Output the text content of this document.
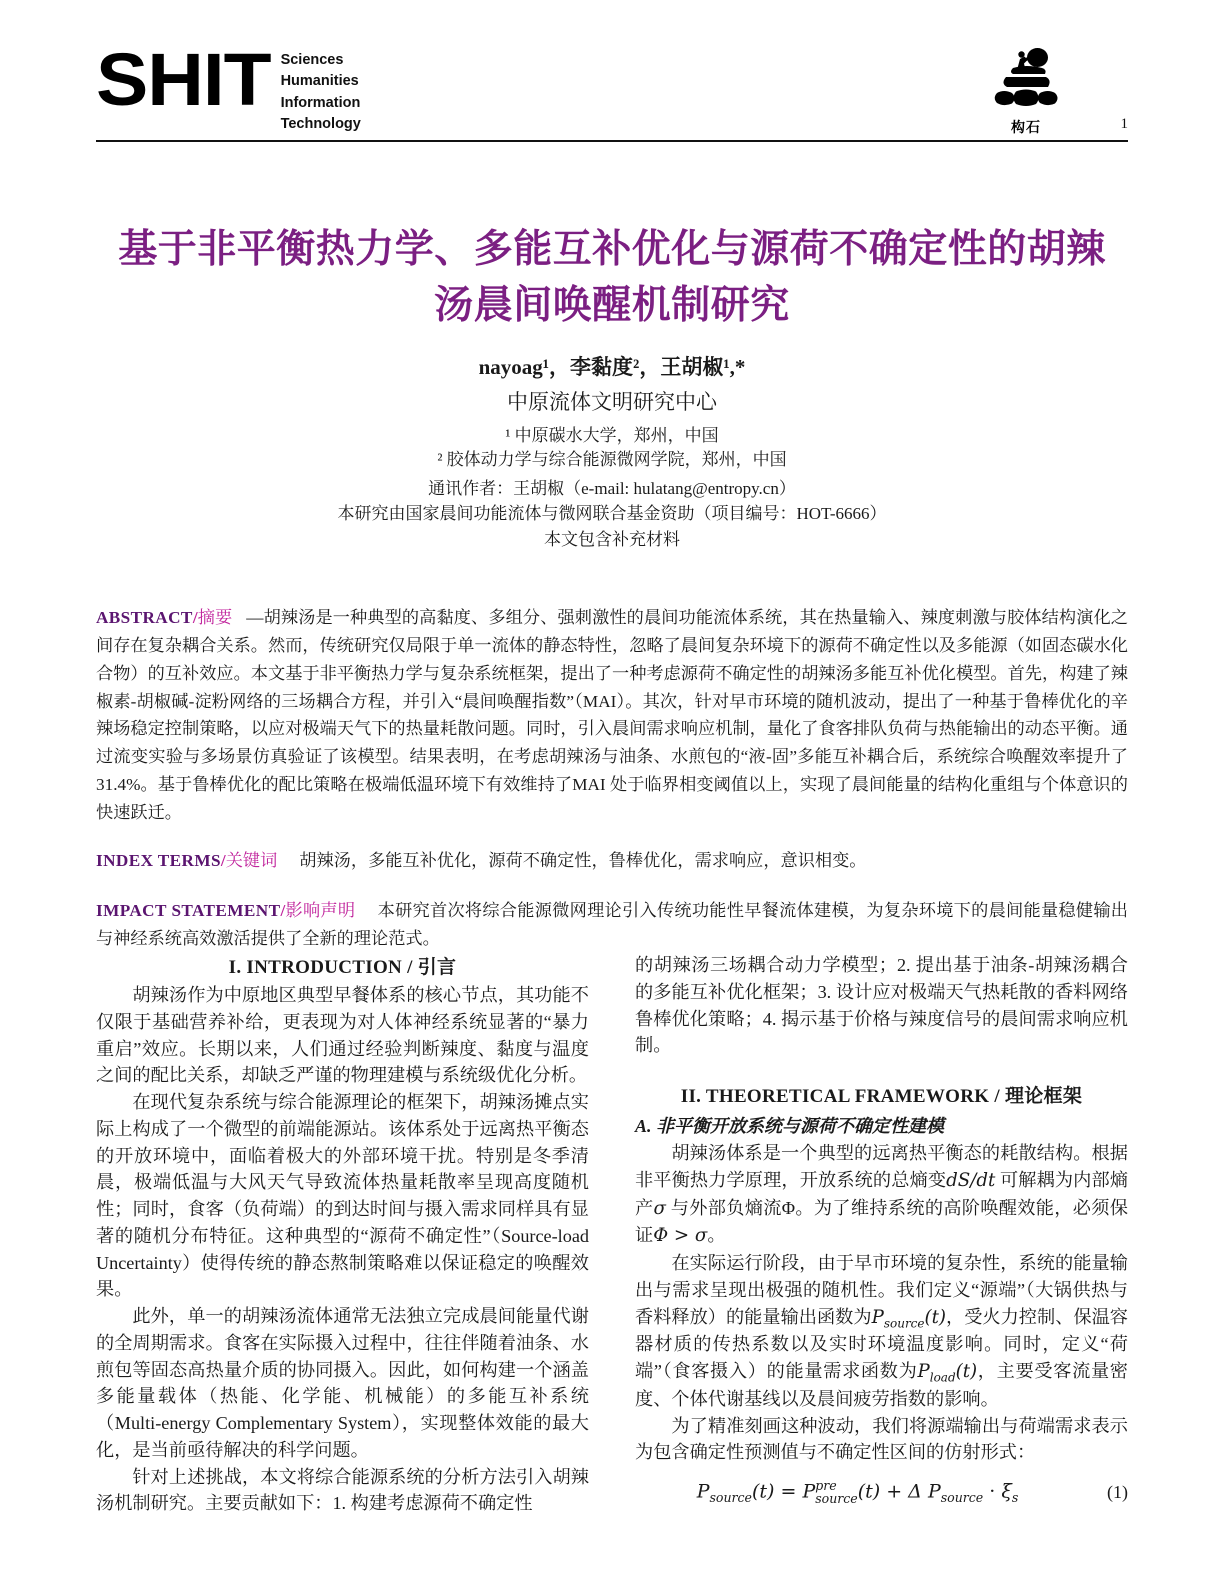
SHIT Sciences
Humanities
Information
Technology	构石	1
基于非平衡热力学、多能互补优化与源荷不确定性的胡辣汤晨间唤醒机制研究
nayoag¹，李黏度²，王胡椒¹,*
中原流体文明研究中心
¹ 中原碳水大学，郑州，中国
² 胶体动力学与综合能源微网学院，郑州，中国
通讯作者：王胡椒（e-mail: hulatang@entropy.cn）
本研究由国家晨间功能流体与微网联合基金资助（项目编号：HOT-6666）
本文包含补充材料

ABSTRACT/摘要 —胡辣汤是一种典型的高黏度、多组分、强刺激性的晨间功能流体系统，其在热量输入、辣度刺激与胶体结构演化之间存在复杂耦合关系。然而，传统研究仅局限于单一流体的静态特性，忽略了晨间复杂环境下的源荷不确定性以及多能源（如固态碳水化合物）的互补效应。本文基于非平衡热力学与复杂系统框架，提出了一种考虑源荷不确定性的胡辣汤多能互补优化模型。首先，构建了辣椒素-胡椒碱-淀粉网络的三场耦合方程，并引入“晨间唤醒指数”（MAI）。其次，针对早市环境的随机波动，提出了一种基于鲁棒优化的辛辣场稳定控制策略，以应对极端天气下的热量耗散问题。同时，引入晨间需求响应机制，量化了食客排队负荷与热能输出的动态平衡。通过流变实验与多场景仿真验证了该模型。结果表明，在考虑胡辣汤与油条、水煎包的“液-固”多能互补耦合后，系统综合唤醒效率提升了31.4%。基于鲁棒优化的配比策略在极端低温环境下有效维持了MAI 处于临界相变阈值以上，实现了晨间能量的结构化重组与个体意识的快速跃迁。

INDEX TERMS/关键词 胡辣汤，多能互补优化，源荷不确定性，鲁棒优化，需求响应，意识相变。

IMPACT STATEMENT/影响声明 本研究首次将综合能源微网理论引入传统功能性早餐流体建模，为复杂环境下的晨间能量稳健输出与神经系统高效激活提供了全新的理论范式。

I. INTRODUCTION / 引言

胡辣汤作为中原地区典型早餐体系的核心节点，其功能不仅限于基础营养补给，更表现为对人体神经系统显著的“暴力重启”效应。长期以来，人们通过经验判断辣度、黏度与温度之间的配比关系，却缺乏严谨的物理建模与系统级优化分析。

在现代复杂系统与综合能源理论的框架下，胡辣汤摊点实际上构成了一个微型的前端能源站。该体系处于远离热平衡态的开放环境中，面临着极大的外部环境干扰。特别是冬季清晨，极端低温与大风天气导致流体热量耗散率呈现高度随机性；同时，食客（负荷端）的到达时间与摄入需求同样具有显著的随机分布特征。这种典型的“源荷不确定性”（Source-load Uncertainty）使得传统的静态熬制策略难以保证稳定的唤醒效果。

此外，单一的胡辣汤流体通常无法独立完成晨间能量代谢的全周期需求。食客在实际摄入过程中，往往伴随着油条、水煎包等固态高热量介质的协同摄入。因此，如何构建一个涵盖多能量载体（热能、化学能、机械能）的多能互补系统（Multi-energy Complementary System），实现整体效能的最大化，是当前亟待解决的科学问题。

针对上述挑战，本文将综合能源系统的分析方法引入胡辣汤机制研究。主要贡献如下：1. 构建考虑源荷不确定性

的胡辣汤三场耦合动力学模型；2. 提出基于油条-胡辣汤耦合的多能互补优化框架；3. 设计应对极端天气热耗散的香料网络鲁棒优化策略；4. 揭示基于价格与辣度信号的晨间需求响应机制。

II. THEORETICAL FRAMEWORK / 理论框架
A. 非平衡开放系统与源荷不确定性建模

胡辣汤体系是一个典型的远离热平衡态的耗散结构。根据非平衡热力学原理，开放系统的总熵变dS/dt 可解耦为内部熵产σ 与外部负熵流Φ。为了维持系统的高阶唤醒效能，必须保证Φ > σ。

在实际运行阶段，由于早市环境的复杂性，系统的能量输出与需求呈现出极强的随机性。我们定义“源端”（大锅供热与香料释放）的能量输出函数为$P_{source}(t)$，受火力控制、保温容器材质的传热系数以及实时环境温度影响。同时，定义“荷端”（食客摄入）的能量需求函数为$P_{load}(t)$，主要受客流量密度、个体代谢基线以及晨间疲劳指数的影响。

为了精准刻画这种波动，我们将源端输出与荷端需求表示为包含确定性预测值与不确定性区间的仿射形式：

$P_{source}(t) = P$ pre
source (t) + Δ $P_{source} \cdot \xi_s$	(1)
